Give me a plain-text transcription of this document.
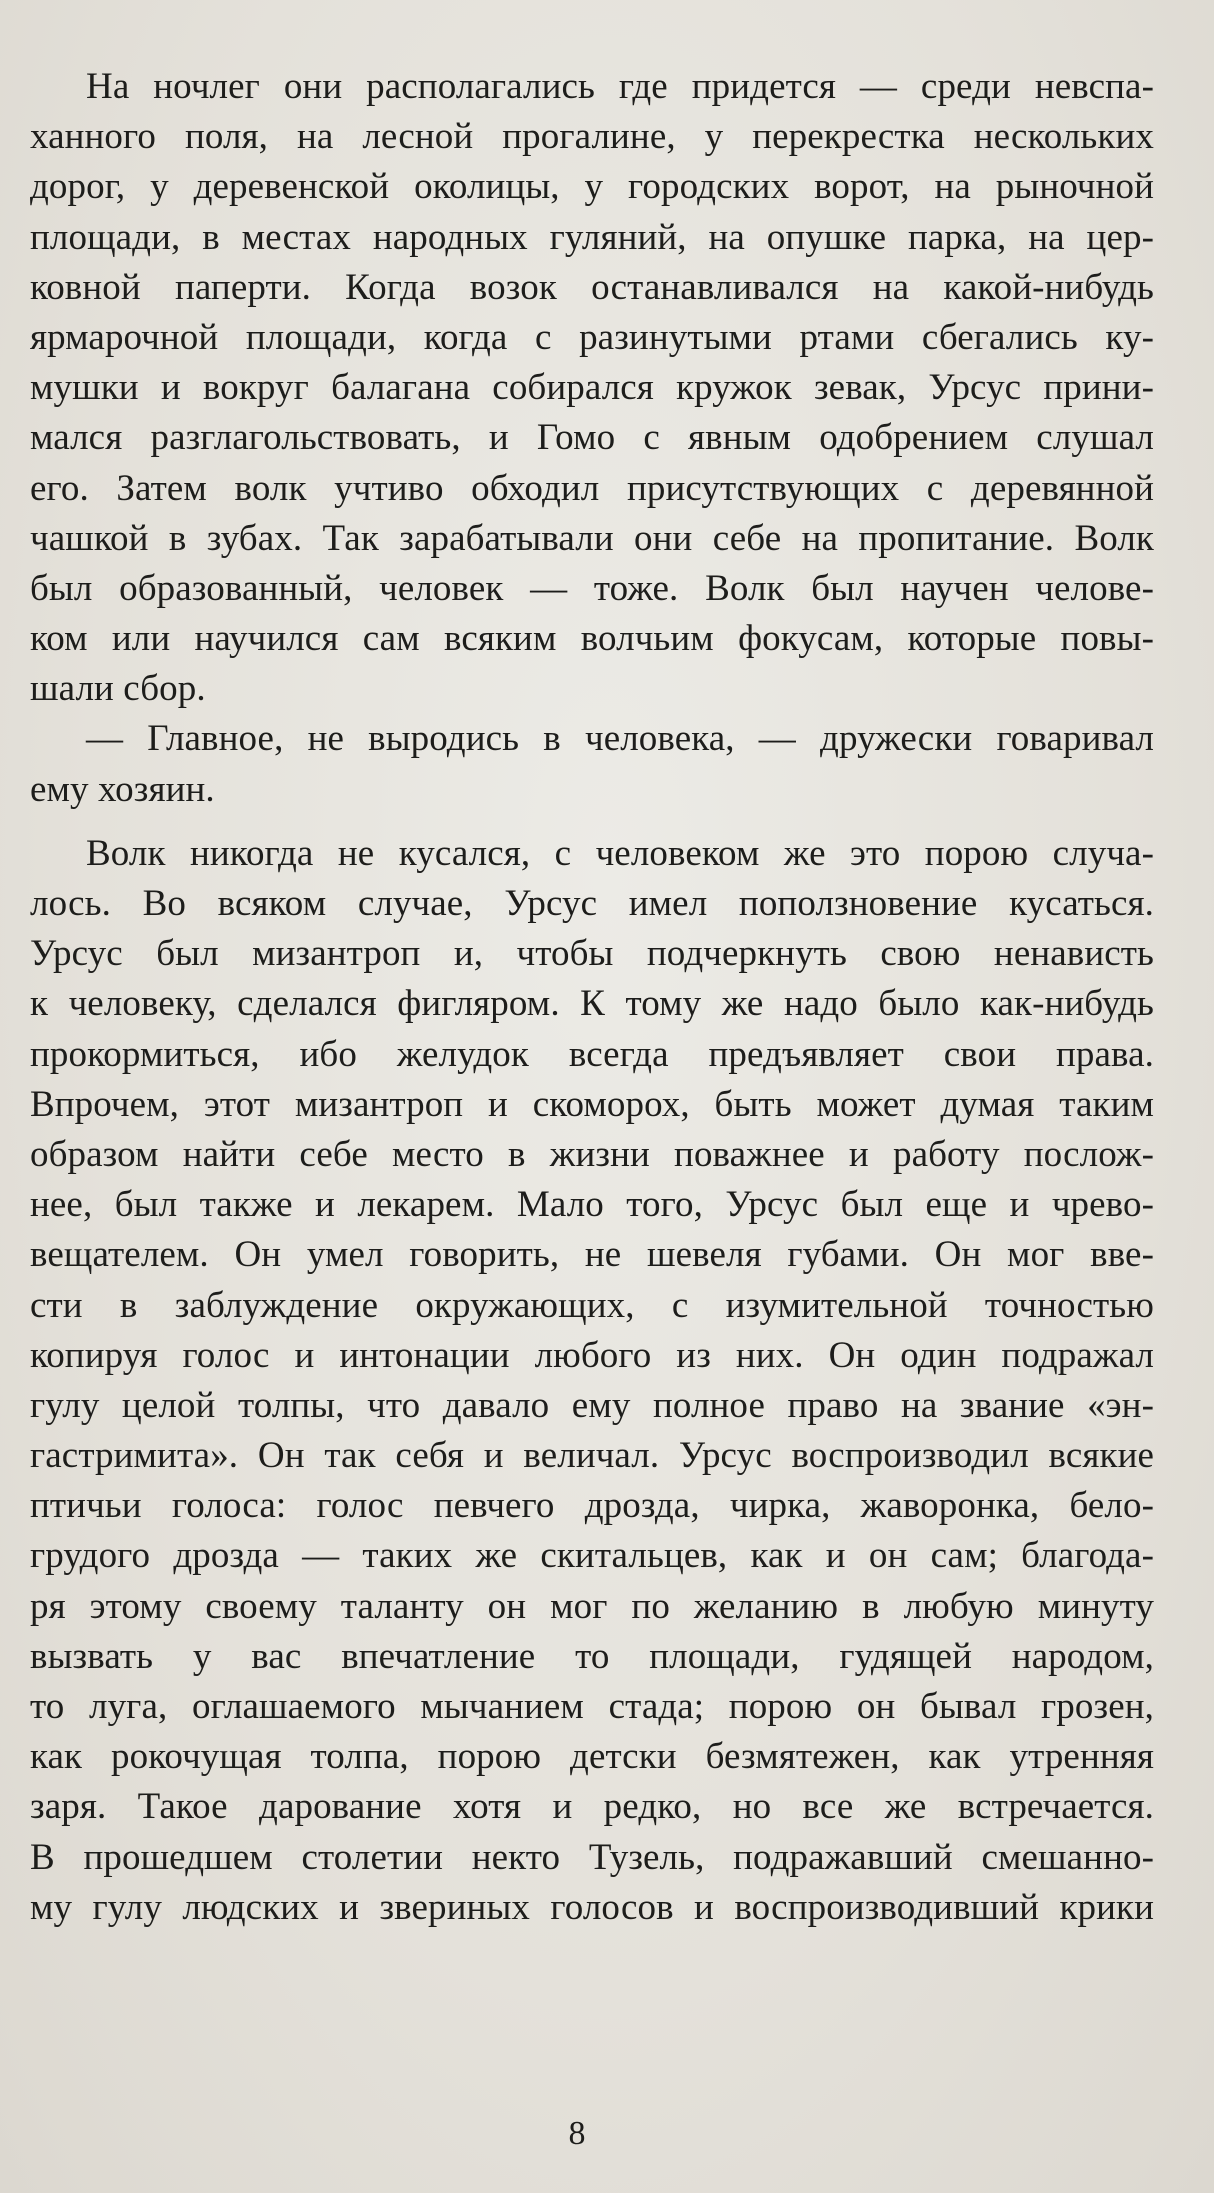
На ночлег они располагались где придется — среди невспа-
ханного поля, на лесной прогалине, у перекрестка нескольких
дорог, у деревенской околицы, у городских ворот, на рыночной
площади, в местах народных гуляний, на опушке парка, на цер-
ковной паперти. Когда возок останавливался на какой-нибудь
ярмарочной площади, когда с разинутыми ртами сбегались ку-
мушки и вокруг балагана собирался кружок зевак, Урсус прини-
мался разглагольствовать, и Гомо с явным одобрением слушал
его. Затем волк учтиво обходил присутствующих с деревянной
чашкой в зубах. Так зарабатывали они себе на пропитание. Волк
был образованный, человек — тоже. Волк был научен челове-
ком или научился сам всяким волчьим фокусам, которые повы-
шали сбор.
— Главное, не выродись в человека, — дружески говаривал
ему хозяин.
Волк никогда не кусался, с человеком же это порою случа-
лось. Во всяком случае, Урсус имел поползновение кусаться.
Урсус был мизантроп и, чтобы подчеркнуть свою ненависть
к человеку, сделался фигляром. К тому же надо было как-нибудь
прокормиться, ибо желудок всегда предъявляет свои права.
Впрочем, этот мизантроп и скоморох, быть может думая таким
образом найти себе место в жизни поважнее и работу послож-
нее, был также и лекарем. Мало того, Урсус был еще и чрево-
вещателем. Он умел говорить, не шевеля губами. Он мог вве-
сти в заблуждение окружающих, с изумительной точностью
копируя голос и интонации любого из них. Он один подражал
гулу целой толпы, что давало ему полное право на звание «эн-
гастримита». Он так себя и величал. Урсус воспроизводил всякие
птичьи голоса: голос певчего дрозда, чирка, жаворонка, бело-
грудого дрозда — таких же скитальцев, как и он сам; благода-
ря этому своему таланту он мог по желанию в любую минуту
вызвать у вас впечатление то площади, гудящей народом,
то луга, оглашаемого мычанием стада; порою он бывал грозен,
как рокочущая толпа, порою детски безмятежен, как утренняя
заря. Такое дарование хотя и редко, но все же встречается.
В прошедшем столетии некто Тузель, подражавший смешанно-
му гулу людских и звериных голосов и воспроизводивший крики
8
